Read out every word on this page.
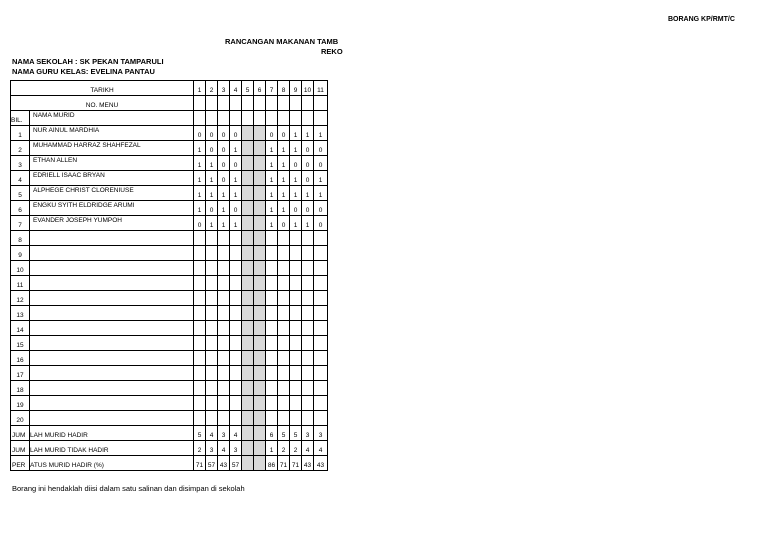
BORANG KP/RMT/C
RANCANGAN MAKANAN TAMB
REKO
NAMA SEKOLAH : SK PEKAN TAMPARULI
NAMA GURU KELAS: EVELINA PANTAU
TARIKH		1	2	3	4	5	6	7	8	9	10	11
NO. MENU												
BIL.	NAMA MURID											
1	NUR AINUL MARDHIA	0	0	0	0			0	0	1	1	1
2	MUHAMMAD HARRAZ SHAHFEZAL	1	0	0	1			1	1	1	0	0
3	ETHAN ALLEN	1	1	0	0			1	1	0	0	0
4	EDRIELL ISAAC BRYAN	1	1	0	1			1	1	1	0	1
5	ALPHEGE CHRIST CLORENIUSE	1	1	1	1			1	1	1	1	1
6	ENGKU SYITH ELDRIDGE ARUMI	1	0	1	0			1	1	0	0	0
7	EVANDER JOSEPH YUMPOH	0	1	1	1			1	0	1	1	0
8												
9												
10												
11												
12												
13												
14												
15												
16												
17												
18												
19												
20												
JUM	LAH MURID HADIR	5	4	3	4			6	5	5	3	3
JUM	LAH MURID TIDAK HADIR	2	3	4	3			1	2	2	4	4
PER	ATUS MURID HADIR (%)	71	57	43	57			86	71	71	43	43
Borang ini hendaklah diisi dalam satu salinan dan disimpan di sekolah
